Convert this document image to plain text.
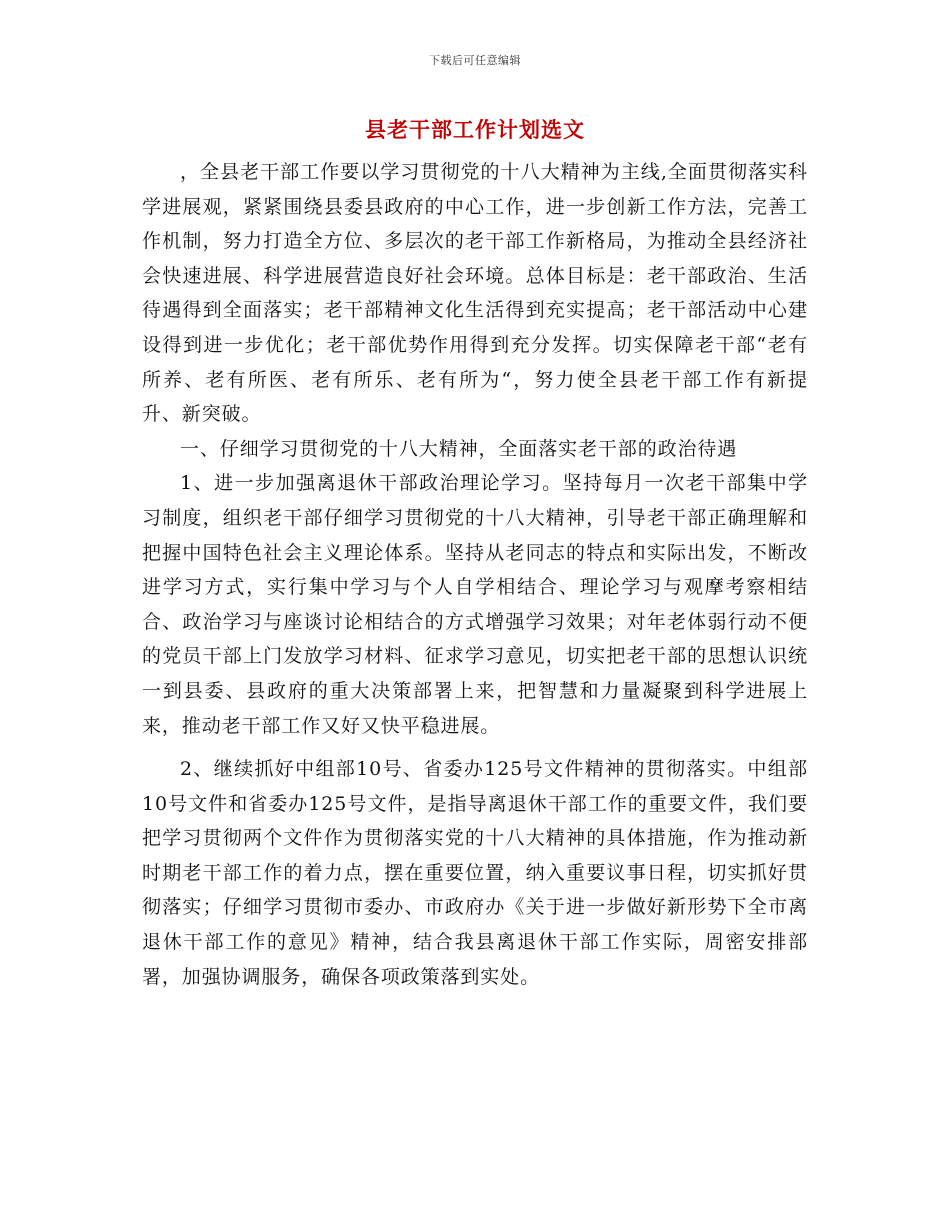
下载后可任意编辑
县老干部工作计划选文

，全县老干部工作要以学习贯彻党的十八大精神为主线,全面贯彻落实科学进展观，紧紧围绕县委县政府的中心工作，进一步创新工作方法，完善工作机制，努力打造全方位、多层次的老干部工作新格局，为推动全县经济社会快速进展、科学进展营造良好社会环境。总体目标是：老干部政治、生活待遇得到全面落实；老干部精神文化生活得到充实提高；老干部活动中心建设得到进一步优化；老干部优势作用得到充分发挥。切实保障老干部“老有所养、老有所医、老有所乐、老有所为“，努力使全县老干部工作有新提升、新突破。

一、仔细学习贯彻党的十八大精神，全面落实老干部的政治待遇

1、进一步加强离退休干部政治理论学习。坚持每月一次老干部集中学习制度，组织老干部仔细学习贯彻党的十八大精神，引导老干部正确理解和把握中国特色社会主义理论体系。坚持从老同志的特点和实际出发，不断改进学习方式，实行集中学习与个人自学相结合、理论学习与观摩考察相结合、政治学习与座谈讨论相结合的方式增强学习效果；对年老体弱行动不便的党员干部上门发放学习材料、征求学习意见，切实把老干部的思想认识统一到县委、县政府的重大决策部署上来，把智慧和力量凝聚到科学进展上来，推动老干部工作又好又快平稳进展。

2、继续抓好中组部10号、省委办125号文件精神的贯彻落实。中组部10号文件和省委办125号文件，是指导离退休干部工作的重要文件，我们要把学习贯彻两个文件作为贯彻落实党的十八大精神的具体措施，作为推动新时期老干部工作的着力点，摆在重要位置，纳入重要议事日程，切实抓好贯彻落实；仔细学习贯彻市委办、市政府办《关于进一步做好新形势下全市离退休干部工作的意见》精神，结合我县离退休干部工作实际，周密安排部署，加强协调服务，确保各项政策落到实处。
